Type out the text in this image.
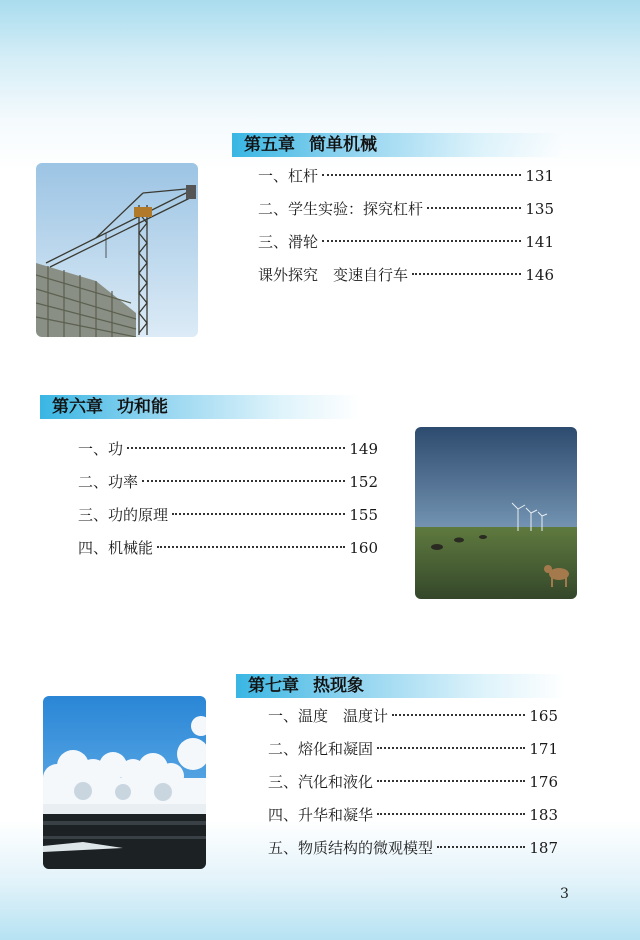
第五章 简单机械
一、杠杆	131
二、学生实验：探究杠杆	135
三、滑轮	141
课外探究　变速自行车	146
第六章 功和能
一、功	149
二、功率	152
三、功的原理	155
四、机械能	160
第七章 热现象
一、温度　温度计	165
二、熔化和凝固	171
三、汽化和液化	176
四、升华和凝华	183
五、物质结构的微观模型	187
3
